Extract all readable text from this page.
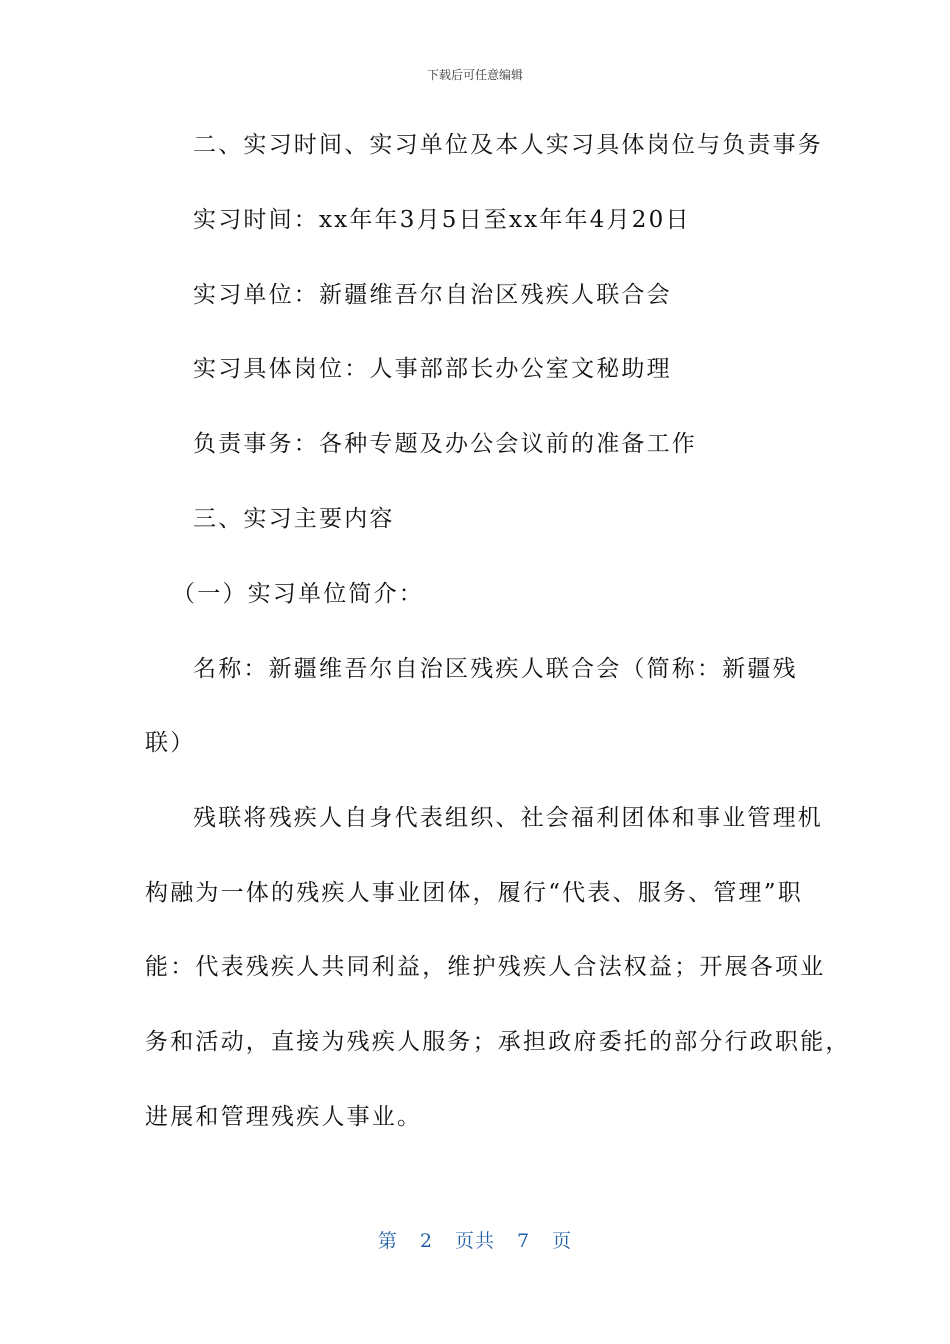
下载后可任意编辑
二、实习时间、实习单位及本人实习具体岗位与负责事务
实习时间：xx年年3月5日至xx年年4月20日
实习单位：新疆维吾尔自治区残疾人联合会
实习具体岗位：人事部部长办公室文秘助理
负责事务：各种专题及办公会议前的准备工作
三、实习主要内容
（一）实习单位简介：
名称：新疆维吾尔自治区残疾人联合会（简称：新疆残
联）
残联将残疾人自身代表组织、社会福利团体和事业管理机
构融为一体的残疾人事业团体，履行“代表、服务、管理”职
能：代表残疾人共同利益，维护残疾人合法权益；开展各项业
务和活动，直接为残疾人服务；承担政府委托的部分行政职能，
进展和管理残疾人事业。
第 2 页共 7 页
